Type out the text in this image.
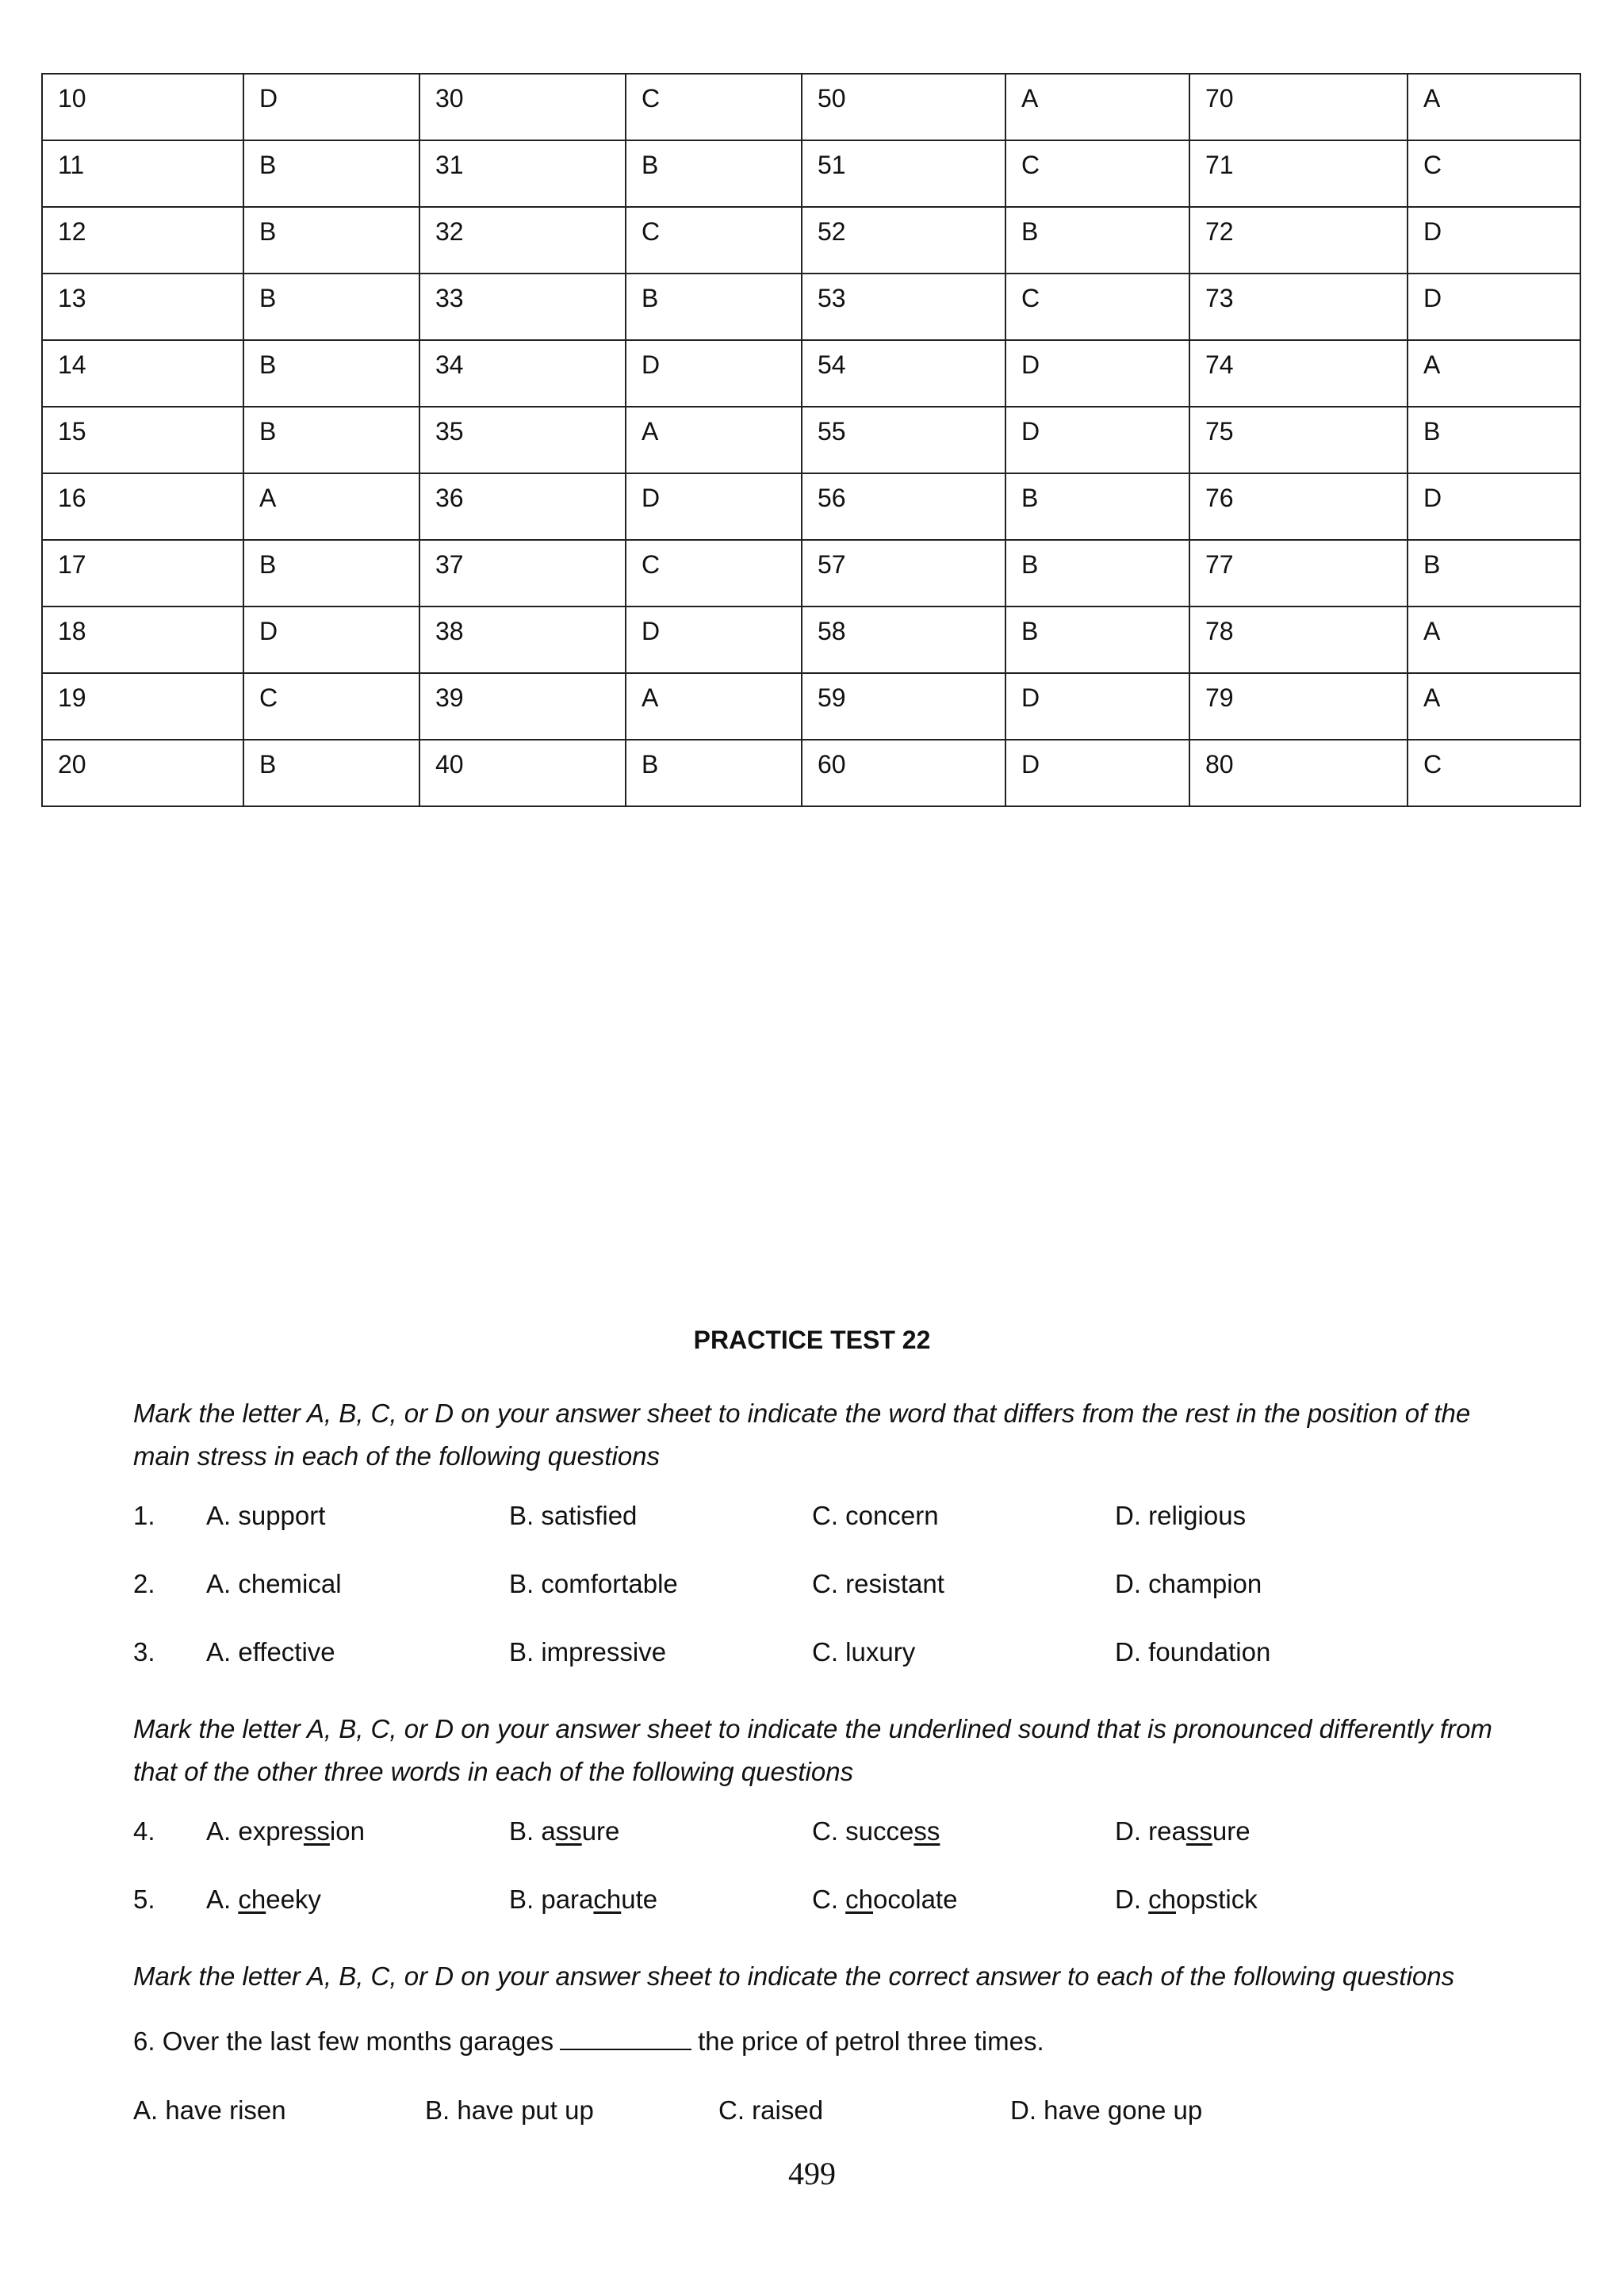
10	D	30	C	50	A	70	A
11	B	31	B	51	C	71	C
12	B	32	C	52	B	72	D
13	B	33	B	53	C	73	D
14	B	34	D	54	D	74	A
15	B	35	A	55	D	75	B
16	A	36	D	56	B	76	D
17	B	37	C	57	B	77	B
18	D	38	D	58	B	78	A
19	C	39	A	59	D	79	A
20	B	40	B	60	D	80	C
PRACTICE TEST 22
Mark the letter A, B, C, or D on your answer sheet to indicate the word that differs from the rest in the position of the main stress in each of the following questions
1. A. support	B. satisfied	C. concern	D. religious
2. A. chemical	B. comfortable	C. resistant	D. champion
3. A. effective	B. impressive	C. luxury	D. foundation
Mark the letter A, B, C, or D on your answer sheet to indicate the underlined sound that is pronounced differently from that of the other three words in each of the following questions
4. A. expression	B. assure	C. success	D. reassure
5. A. cheeky	B. parachute	C. chocolate	D. chopstick
Mark the letter A, B, C, or D on your answer sheet to indicate the correct answer to each of the following questions
6. Over the last few months garages	the price of petrol three times.
A. have risen	B. have put up	C. raised	D. have gone up
499
